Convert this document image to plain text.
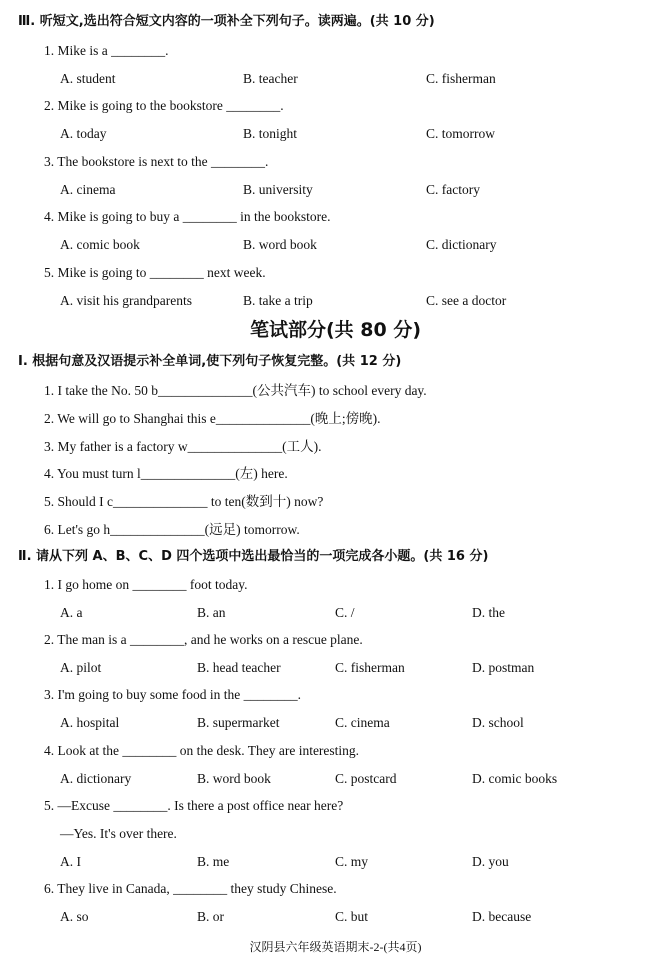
Ⅲ. 听短文,选出符合短文内容的一项补全下列句子。读两遍。(共 10 分)
1. Mike is a ________.
A. student	B. teacher	C. fisherman
2. Mike is going to the bookstore ________.
A. today	B. tonight	C. tomorrow
3. The bookstore is next to the ________.
A. cinema	B. university	C. factory
4. Mike is going to buy a ________ in the bookstore.
A. comic book	B. word book	C. dictionary
5. Mike is going to ________ next week.
A. visit his grandparents	B. take a trip	C. see a doctor
笔试部分(共 80 分)
Ⅰ. 根据句意及汉语提示补全单词,使下列句子恢复完整。(共 12 分)
1. I take the No. 50 b______________(公共汽车) to school every day.
2. We will go to Shanghai this e______________(晚上;傍晚).
3. My father is a factory w______________(工人).
4. You must turn l______________(左) here.
5. Should I c______________ to ten(数到十) now?
6. Let's go h______________(远足) tomorrow.
Ⅱ. 请从下列 A、B、C、D 四个选项中选出最恰当的一项完成各小题。(共 16 分)
1. I go home on ________ foot today.
A. a	B. an	C. /	D. the
2. The man is a ________, and he works on a rescue plane.
A. pilot	B. head teacher	C. fisherman	D. postman
3. I'm going to buy some food in the ________.
A. hospital	B. supermarket	C. cinema	D. school
4. Look at the ________ on the desk. They are interesting.
A. dictionary	B. word book	C. postcard	D. comic books
5. —Excuse ________. Is there a post office near here?
—Yes. It's over there.
A. I	B. me	C. my	D. you
6. They live in Canada, ________ they study Chinese.
A. so	B. or	C. but	D. because
汉阴县六年级英语期末-2-(共4页)
